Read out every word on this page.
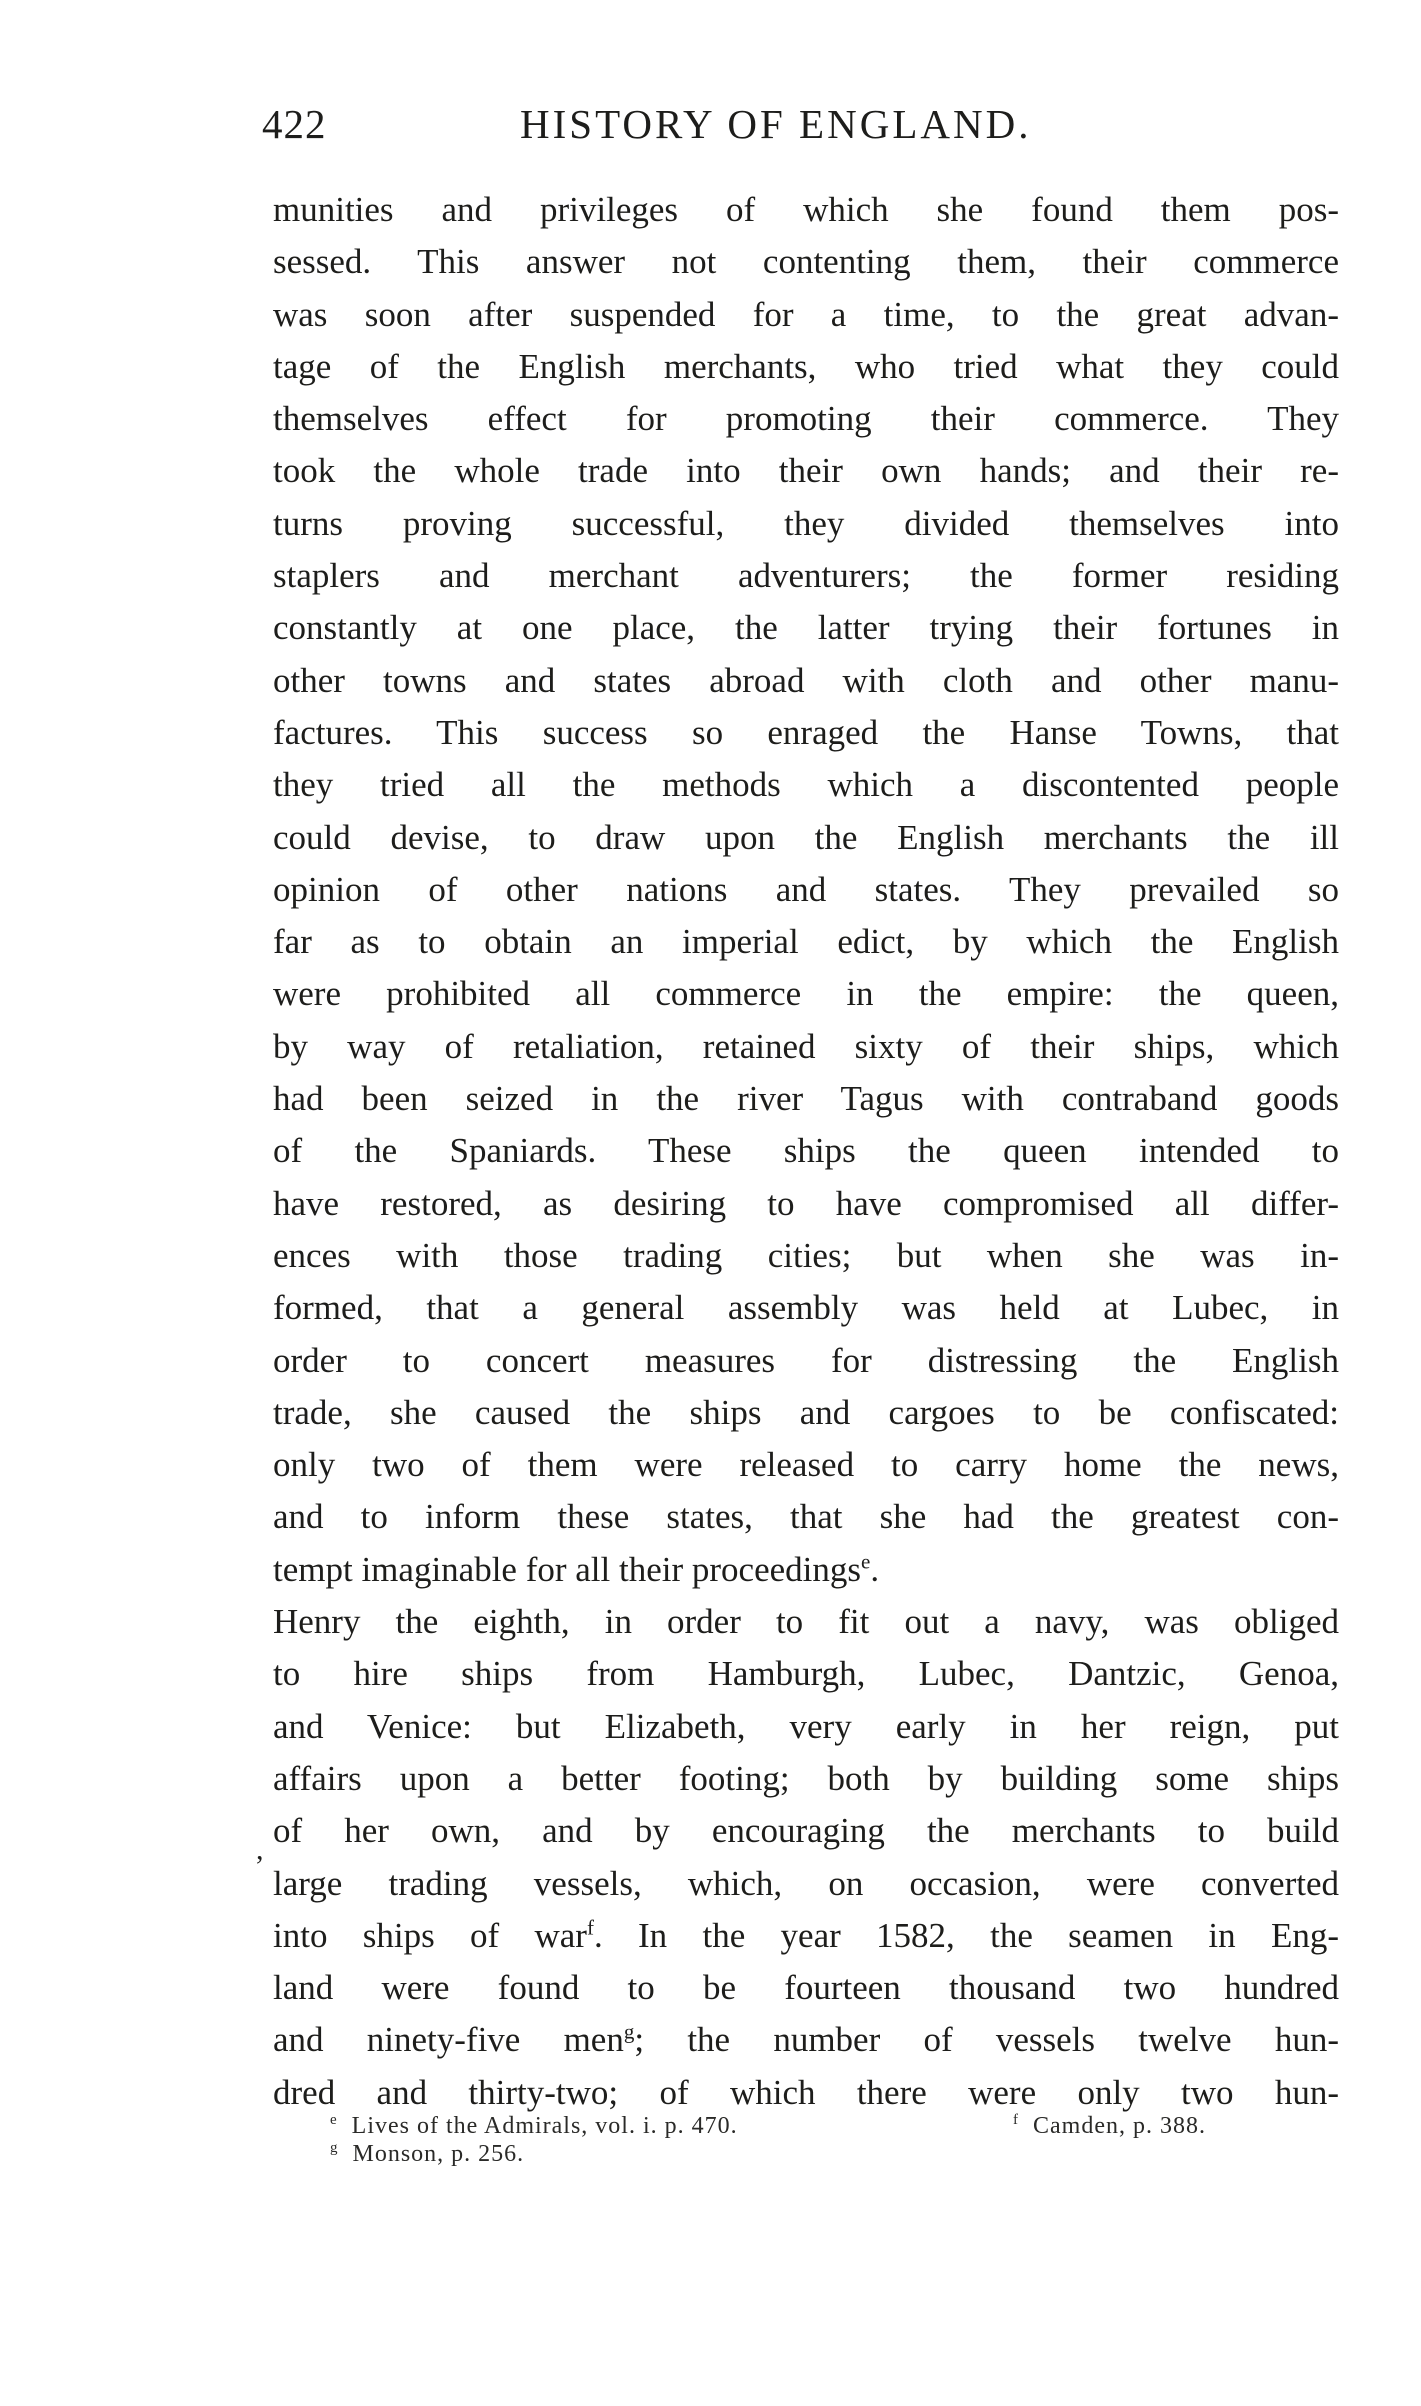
422	HISTORY OF ENGLAND.
munities and privileges of which she found them pos-
sessed. This answer not contenting them, their commerce
was soon after suspended for a time, to the great advan-
tage of the English merchants, who tried what they could
themselves effect for promoting their commerce. They
took the whole trade into their own hands; and their re-
turns proving successful, they divided themselves into
staplers and merchant adventurers; the former residing
constantly at one place, the latter trying their fortunes in
other towns and states abroad with cloth and other manu-
factures. This success so enraged the Hanse Towns, that
they tried all the methods which a discontented people
could devise, to draw upon the English merchants the ill
opinion of other nations and states. They prevailed so
far as to obtain an imperial edict, by which the English
were prohibited all commerce in the empire: the queen,
by way of retaliation, retained sixty of their ships, which
had been seized in the river Tagus with contraband goods
of the Spaniards. These ships the queen intended to
have restored, as desiring to have compromised all differ-
ences with those trading cities; but when she was in-
formed, that a general assembly was held at Lubec, in
order to concert measures for distressing the English
trade, she caused the ships and cargoes to be confiscated:
only two of them were released to carry home the news,
and to inform these states, that she had the greatest con-
tempt imaginable for all their proceedings$^e$.
Henry the eighth, in order to fit out a navy, was obliged
to hire ships from Hamburgh, Lubec, Dantzic, Genoa,
and Venice: but Elizabeth, very early in her reign, put
affairs upon a better footing; both by building some ships
of her own, and by encouraging the merchants to build
large trading vessels, which, on occasion, were converted
into ships of war$^f$. In the year 1582, the seamen in Eng-
land were found to be fourteen thousand two hundred
and ninety-five men$^g$; the number of vessels twelve hun-
dred and thirty-two; of which there were only two hun-
,
$^e$ Lives of the Admirals, vol. i. p. 470.	$^f$ Camden, p. 388.
$^g$ Monson, p. 256.
